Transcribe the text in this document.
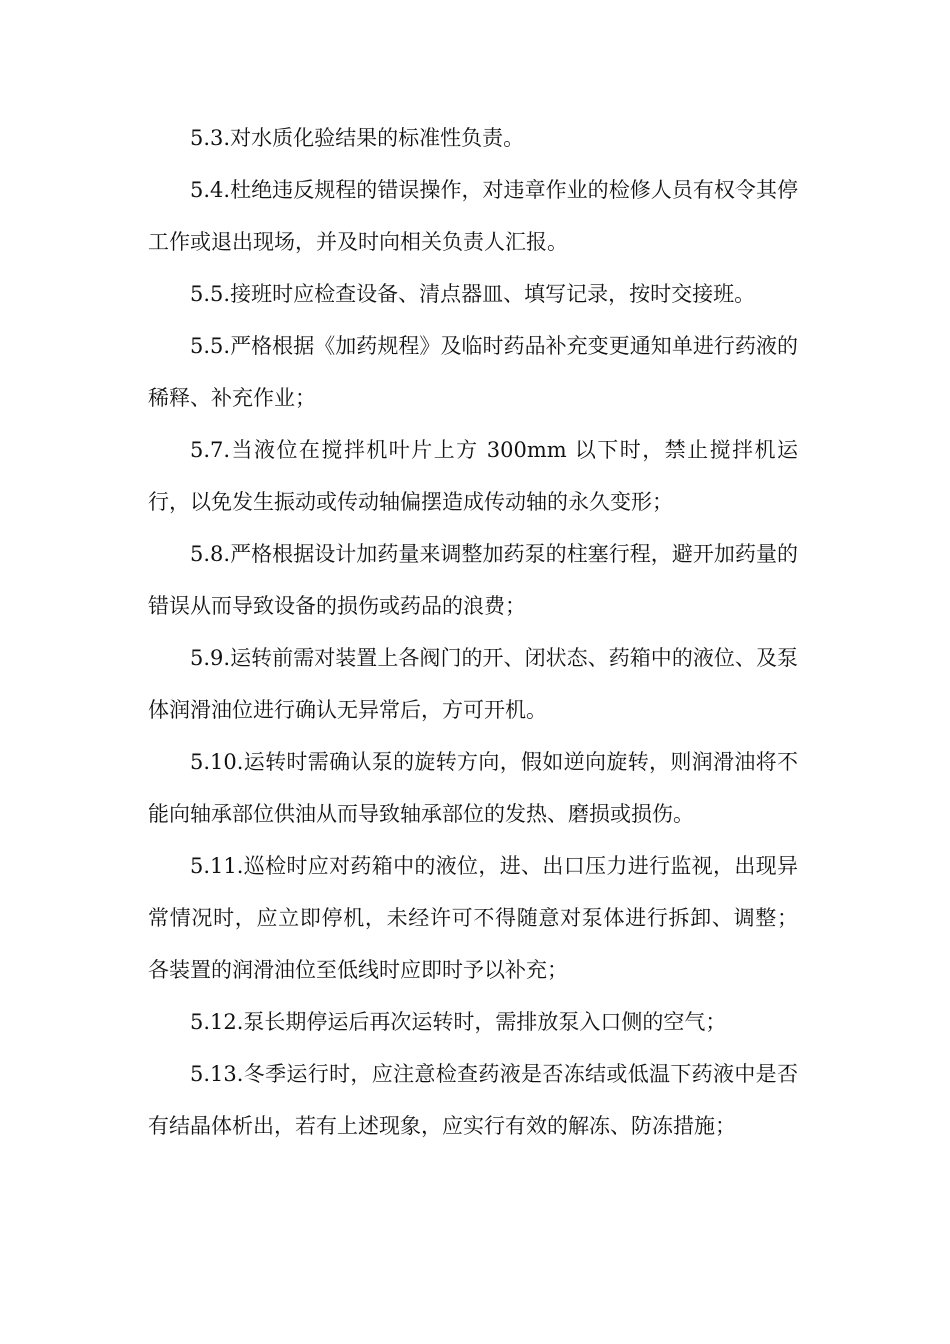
5.3.对水质化验结果的标准性负责。

5.4.杜绝违反规程的错误操作，对违章作业的检修人员有权令其停工作或退出现场，并及时向相关负责人汇报。

5.5.接班时应检查设备、清点器皿、填写记录，按时交接班。

5.5.严格根据《加药规程》及临时药品补充变更通知单进行药液的稀释、补充作业；

5.7.当液位在搅拌机叶片上方 300mm 以下时，禁止搅拌机运行，以免发生振动或传动轴偏摆造成传动轴的永久变形；

5.8.严格根据设计加药量来调整加药泵的柱塞行程，避开加药量的错误从而导致设备的损伤或药品的浪费；

5.9.运转前需对装置上各阀门的开、闭状态、药箱中的液位、及泵体润滑油位进行确认无异常后，方可开机。

5.10.运转时需确认泵的旋转方向，假如逆向旋转，则润滑油将不能向轴承部位供油从而导致轴承部位的发热、磨损或损伤。

5.11.巡检时应对药箱中的液位，进、出口压力进行监视，出现异常情况时，应立即停机，未经许可不得随意对泵体进行拆卸、调整；各装置的润滑油位至低线时应即时予以补充；

5.12.泵长期停运后再次运转时，需排放泵入口侧的空气；

5.13.冬季运行时，应注意检查药液是否冻结或低温下药液中是否有结晶体析出，若有上述现象，应实行有效的解冻、防冻措施；
